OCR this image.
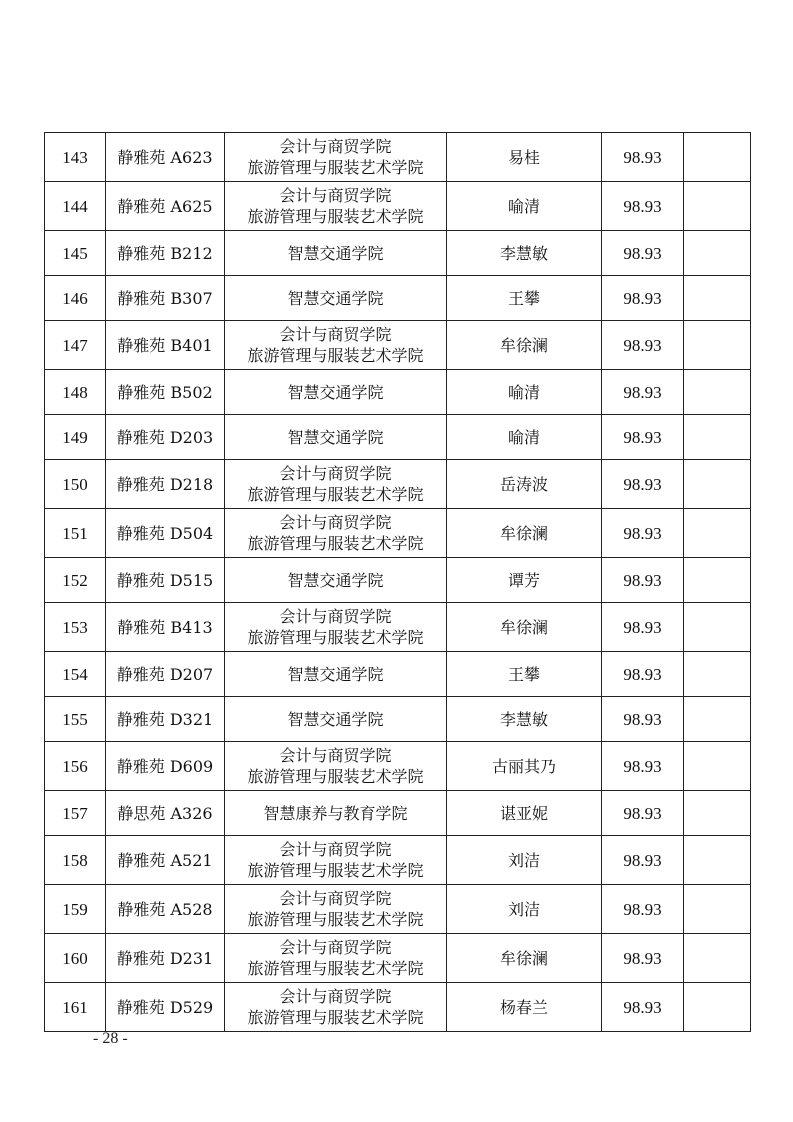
143	静雅苑 A623	会计与商贸学院
旅游管理与服装艺术学院	易桂	98.93	
144	静雅苑 A625	会计与商贸学院
旅游管理与服装艺术学院	喻清	98.93	
145	静雅苑 B212	智慧交通学院	李慧敏	98.93	
146	静雅苑 B307	智慧交通学院	王攀	98.93	
147	静雅苑 B401	会计与商贸学院
旅游管理与服装艺术学院	牟徐澜	98.93	
148	静雅苑 B502	智慧交通学院	喻清	98.93	
149	静雅苑 D203	智慧交通学院	喻清	98.93	
150	静雅苑 D218	会计与商贸学院
旅游管理与服装艺术学院	岳涛波	98.93	
151	静雅苑 D504	会计与商贸学院
旅游管理与服装艺术学院	牟徐澜	98.93	
152	静雅苑 D515	智慧交通学院	谭芳	98.93	
153	静雅苑 B413	会计与商贸学院
旅游管理与服装艺术学院	牟徐澜	98.93	
154	静雅苑 D207	智慧交通学院	王攀	98.93	
155	静雅苑 D321	智慧交通学院	李慧敏	98.93	
156	静雅苑 D609	会计与商贸学院
旅游管理与服装艺术学院	古丽其乃	98.93	
157	静思苑 A326	智慧康养与教育学院	谌亚妮	98.93	
158	静雅苑 A521	会计与商贸学院
旅游管理与服装艺术学院	刘洁	98.93	
159	静雅苑 A528	会计与商贸学院
旅游管理与服装艺术学院	刘洁	98.93	
160	静雅苑 D231	会计与商贸学院
旅游管理与服装艺术学院	牟徐澜	98.93	
161	静雅苑 D529	会计与商贸学院
旅游管理与服装艺术学院	杨春兰	98.93	
- 28 -
